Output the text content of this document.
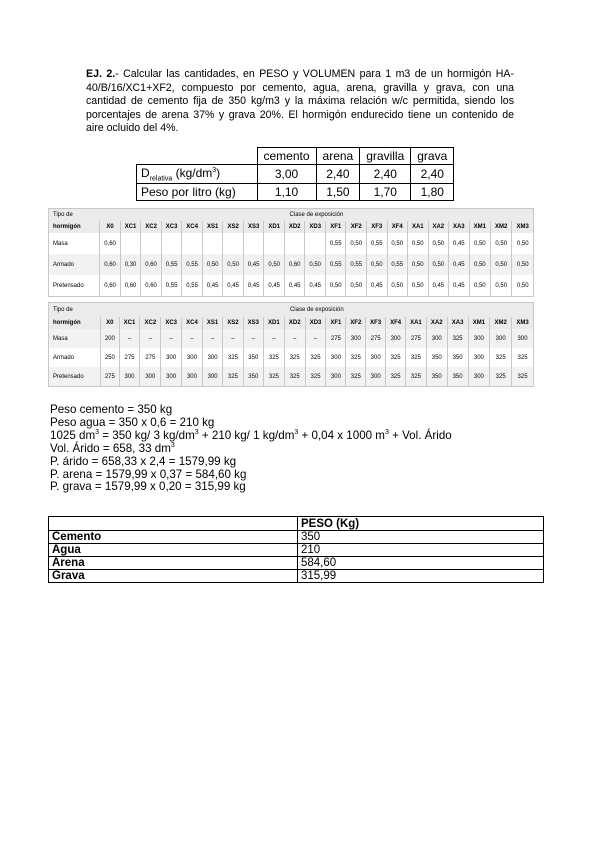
EJ. 2.- Calcular las cantidades, en PESO y VOLUMEN para 1 m3 de un hormigón HA-40/B/16/XC1+XF2, compuesto por cemento, agua, arena, gravilla y grava, con una cantidad de cemento fija de 350 kg/m3 y la máxima relación w/c permitida, siendo los porcentajes de arena 37% y grava 20%. El hormigón endurecido tiene un contenido de aire ocluido del 4%.
	cemento	arena	gravilla	grava
$D_{relativa}$ $(kg/dm^3)$	3,00	2,40	2,40	2,40
Peso por litro (kg)	1,10	1,50	1,70	1,80
Tipo de	Clase de exposición																				
hormigón	X0	XC1	XC2	XC3	XC4	XS1	XS2	XS3	XD1	XD2	XD3	XF1	XF2	XF3	XF4	XA1	XA2	XA3	XM1	XM2	XM3
Masa	0,60											0,55	0,50	0,55	0,50	0,50	0,50	0,45	0,50	0,50	0,50
Armado	0,60	0,30	0,60	0,55	0,55	0,50	0,50	0,45	0,50	0,60	0,50	0,55	0,55	0,50	0,55	0,50	0,50	0,45	0,50	0,50	0,50
Pretensado	0,60	0,60	0,60	0,55	0,55	0,45	0,45	0,45	0,45	0,45	0,45	0,50	0,50	0,45	0,50	0,50	0,45	0,45	0,50	0,50	0,50
Tipo de	Clase de exposición																				
hormigón	X0	XC1	XC2	XC3	XC4	XS1	XS2	XS3	XD1	XD2	XD3	XF1	XF2	XF3	XF4	XA1	XA2	XA3	XM1	XM2	XM3
Masa	200	–	–	–	–	–	–	–	–	–	–	275	300	275	300	275	300	325	300	300	300
Armado	250	275	275	300	300	300	325	350	325	325	325	300	325	300	325	325	350	350	300	325	325
Pretensado	275	300	300	300	300	300	325	350	325	325	325	300	325	300	325	325	350	350	300	325	325
Peso cemento = 350 kg
Peso agua = 350 x 0,6 = 210 kg
1025 $dm^3 = 350$ kg/ 3 $kg/dm^3 + 210$ kg/ 1 $kg/dm^3 + 0,04$ x 1000 $m^3$ + Vol. Árido
Vol. Árido = 658, 33 $dm^3$
P. árido = 658,33 x 2,4 = 1579,99 kg
P. arena = 1579,99 x 0,37 = 584,60 kg
P. grava = 1579,99 x 0,20 = 315,99 kg
	PESO (Kg)
Cemento	350
Agua	210
Arena	584,60
Grava	315,99
